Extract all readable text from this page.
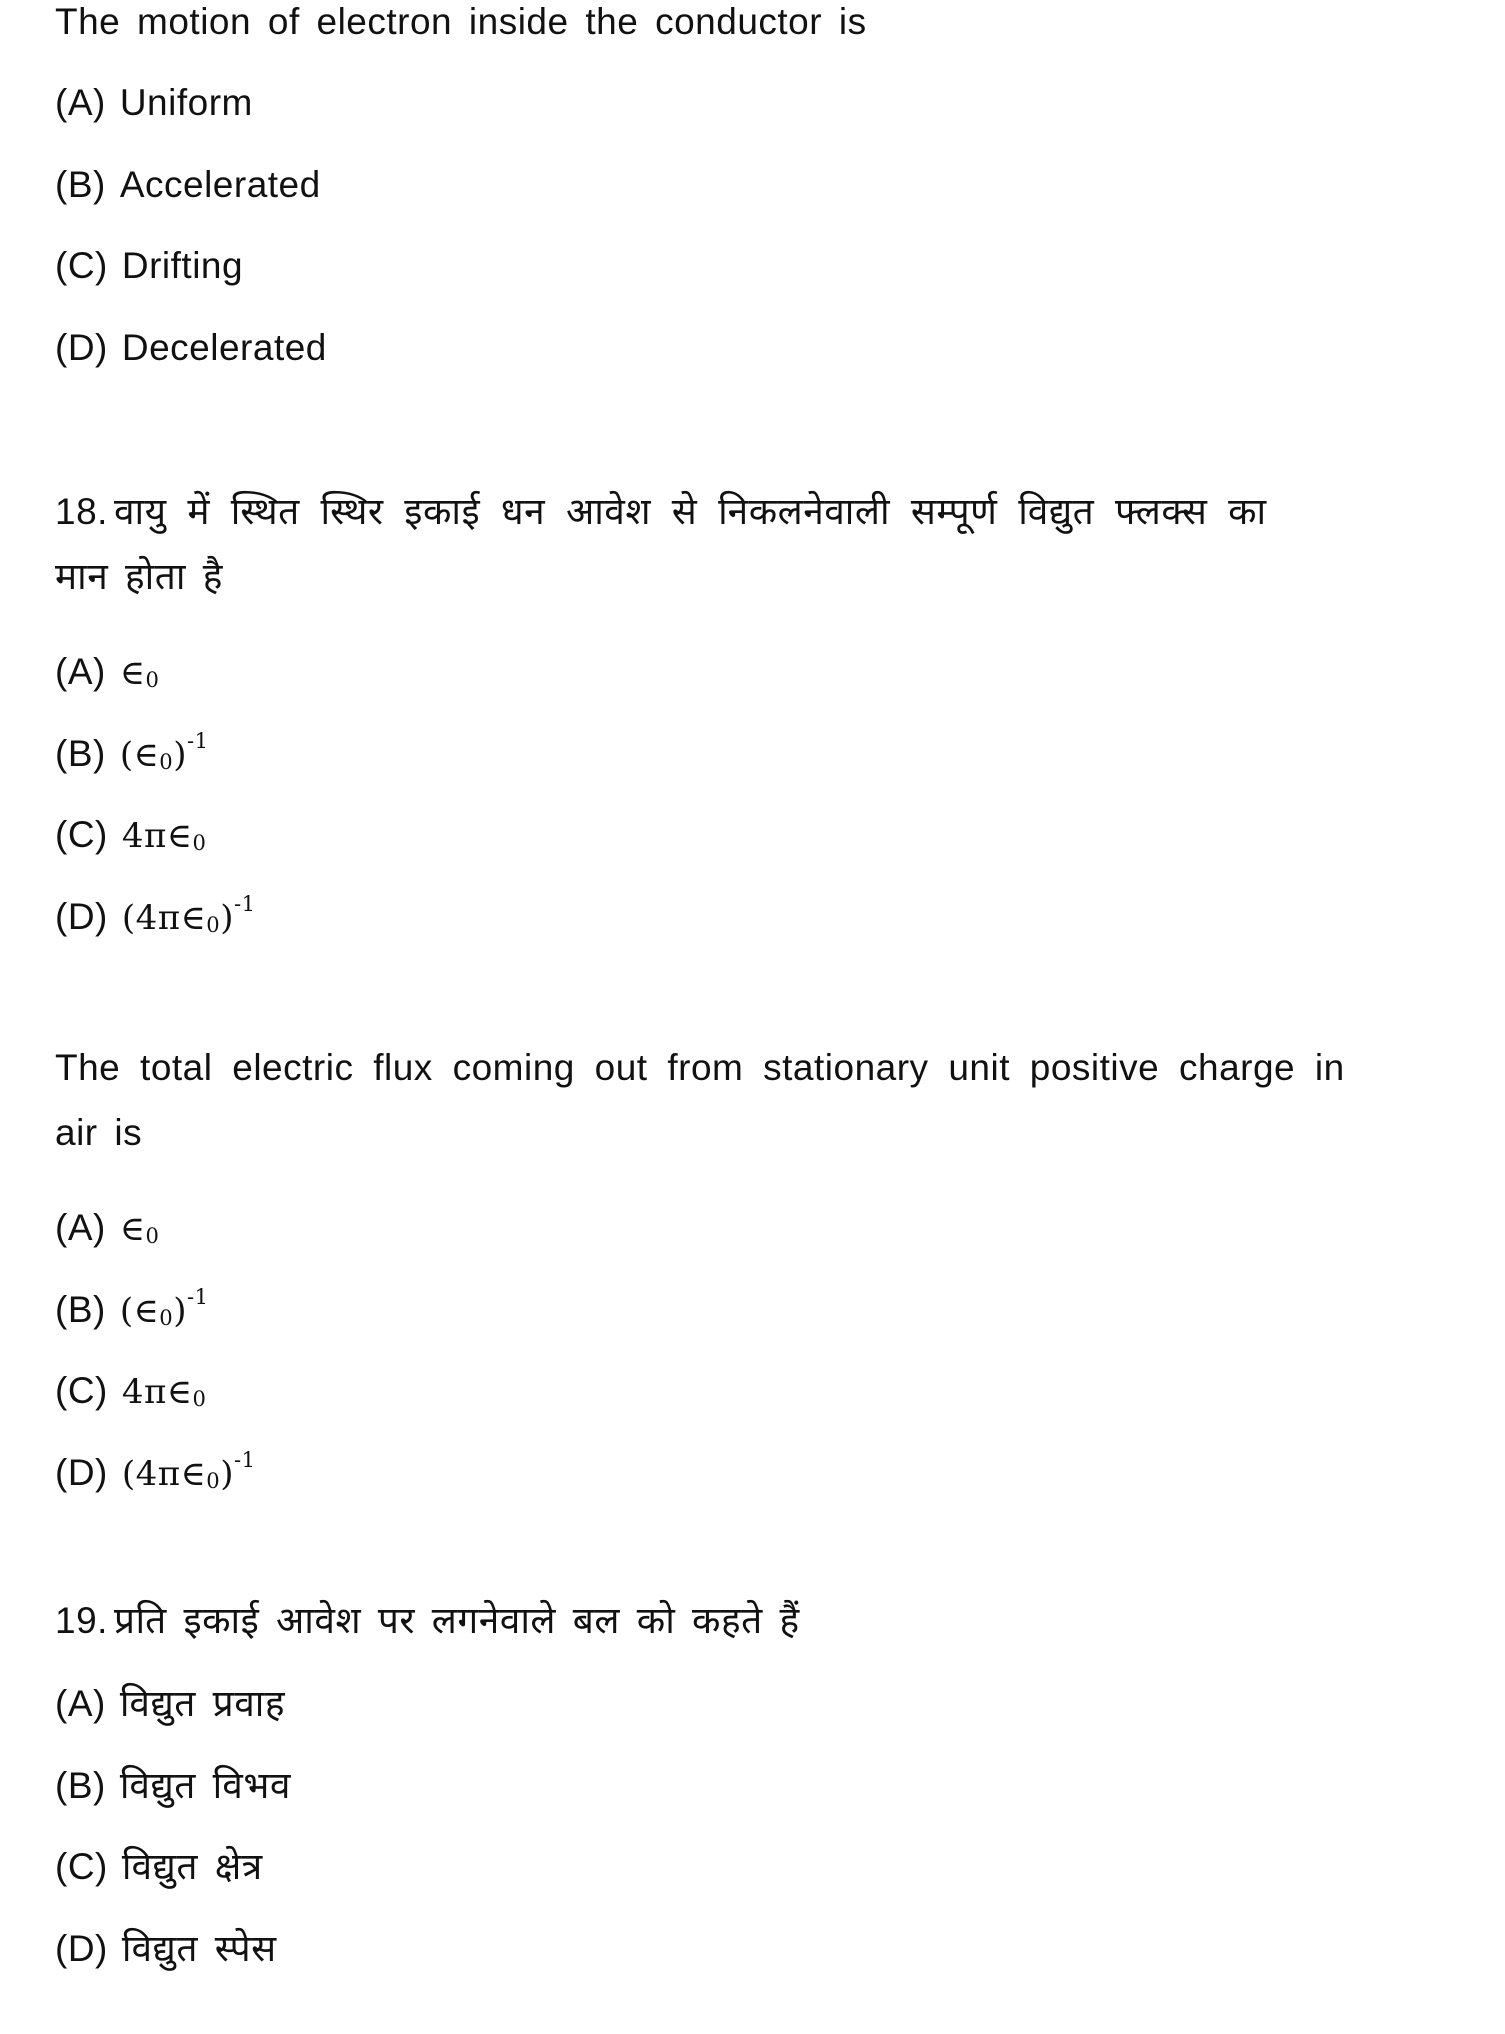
The motion of electron inside the conductor is
(A) Uniform
(B) Accelerated
(C) Drifting
(D) Decelerated
18. वायु में स्थित स्थिर इकाई धन आवेश से निकलनेवाली सम्पूर्ण विद्युत फ्लक्स का
मान होता है
(A) $\in_0$
(B) $(\in_0)^{-1}$
(C) $4\pi\in_0$
(D) $(4\pi\in_0)^{-1}$
The total electric flux coming out from stationary unit positive charge in
air is
(A) $\in_0$
(B) $(\in_0)^{-1}$
(C) $4\pi\in_0$
(D) $(4\pi\in_0)^{-1}$
19. प्रति इकाई आवेश पर लगनेवाले बल को कहते हैं
(A) विद्युत प्रवाह
(B) विद्युत विभव
(C) विद्युत क्षेत्र
(D) विद्युत स्पेस
